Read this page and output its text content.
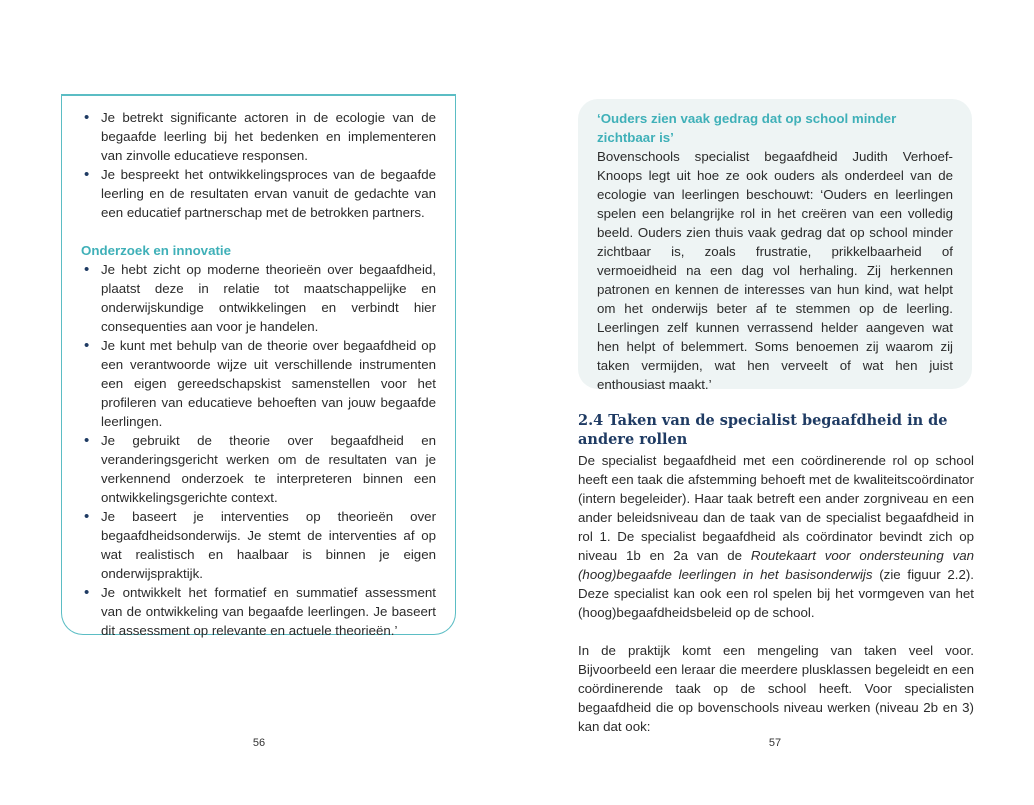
• Je betrekt significante actoren in de ecologie van de begaafde leerling bij het bedenken en implementeren van zinvolle educatieve responsen.
• Je bespreekt het ontwikkelingsproces van de begaafde leerling en de resultaten ervan vanuit de gedachte van een educatief partnerschap met de betrokken partners.

Onderzoek en innovatie

• Je hebt zicht op moderne theorieën over begaafdheid, plaatst deze in relatie tot maatschappelijke en onderwijskundige ontwikkelingen en verbindt hier consequenties aan voor je handelen.
• Je kunt met behulp van de theorie over begaafdheid op een verantwoorde wijze uit verschillende instrumenten een eigen gereedschapskist samenstellen voor het profileren van educatieve behoeften van jouw begaafde leerlingen.
• Je gebruikt de theorie over begaafdheid en veranderingsgericht werken om de resultaten van je verkennend onderzoek te interpreteren binnen een ontwikkelingsgerichte context.
• Je baseert je interventies op theorieën over begaafdheidsonderwijs. Je stemt de interventies af op wat realistisch en haalbaar is binnen je eigen onderwijspraktijk.
• Je ontwikkelt het formatief en summatief assessment van de ontwikkeling van begaafde leerlingen. Je baseert dit assessment op relevante en actuele theorieën.’
56

‘Ouders zien vaak gedrag dat op school minder zichtbaar is’

Bovenschools specialist begaafdheid Judith Verhoef-Knoops legt uit hoe ze ook ouders als onderdeel van de ecologie van leerlingen beschouwt: ‘Ouders en leerlingen spelen een belangrijke rol in het creëren van een volledig beeld. Ouders zien thuis vaak gedrag dat op school minder zichtbaar is, zoals frustratie, prikkelbaarheid of vermoeidheid na een dag vol herhaling. Zij herkennen patronen en kennen de interesses van hun kind, wat helpt om het onderwijs beter af te stemmen op de leerling. Leerlingen zelf kunnen verrassend helder aangeven wat hen helpt of belemmert. Soms benoemen zij waarom zij taken vermijden, wat hen verveelt of wat hen juist enthousiast maakt.’

2.4 Taken van de specialist begaafdheid in de andere rollen

De specialist begaafdheid met een coördinerende rol op school heeft een taak die afstemming behoeft met de kwaliteitscoördinator (intern begeleider). Haar taak betreft een ander zorgniveau en een ander beleidsniveau dan de taak van de specialist begaafdheid in rol 1. De specialist begaafdheid als coördinator bevindt zich op niveau 1b en 2a van de Routekaart voor ondersteuning van (hoog)begaafde leerlingen in het basisonderwijs (zie figuur 2.2). Deze specialist kan ook een rol spelen bij het vormgeven van het (hoog)begaafdheidsbeleid op de school.

In de praktijk komt een mengeling van taken veel voor. Bijvoorbeeld een leraar die meerdere plusklassen begeleidt en een coördinerende taak op de school heeft. Voor specialisten begaafdheid die op bovenschools niveau werken (niveau 2b en 3) kan dat ook:

57
